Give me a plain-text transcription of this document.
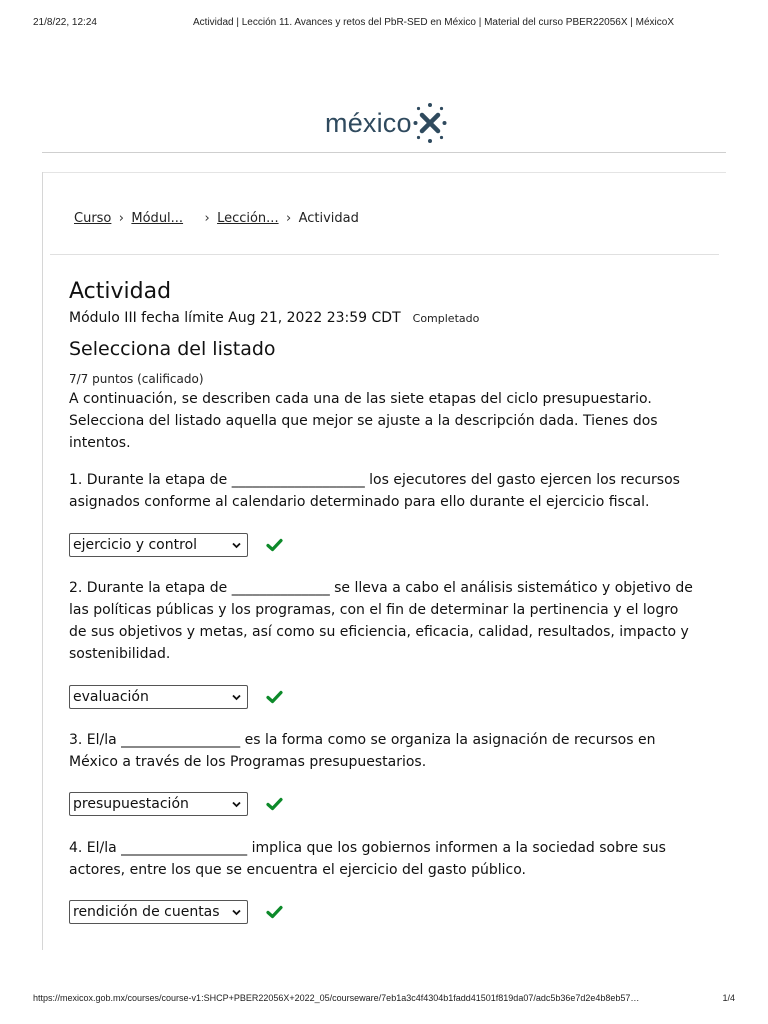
21/8/22, 12:24	Actividad | Lección 11. Avances y retos del PbR-SED en México | Material del curso PBER22056X | MéxicoX
méxico
Curso › Módul...	› Lección... › Actividad
Actividad
Módulo III fecha límite Aug 21, 2022 23:59 CDT Completado
Selecciona del listado
7/7 puntos (calificado)

A continuación, se describen cada una de las siete etapas del ciclo presupuestario. Selecciona del listado aquella que mejor se ajuste a la descripción dada. Tienes dos intentos.

1. Durante la etapa de ___________________ los ejecutores del gasto ejercen los recursos asignados conforme al calendario determinado para ello durante el ejercicio fiscal.

ejercicio y control

2. Durante la etapa de ______________ se lleva a cabo el análisis sistemático y objetivo de las políticas públicas y los programas, con el fin de determinar la pertinencia y el logro de sus objetivos y metas, así como su eficiencia, eficacia, calidad, resultados, impacto y sostenibilidad.

evaluación

3. El/la _________________ es la forma como se organiza la asignación de recursos en México a través de los Programas presupuestarios.

presupuestación

4. El/la __________________ implica que los gobiernos informen a la sociedad sobre sus actores, entre los que se encuentra el ejercicio del gasto público.

rendición de cuentas
https://mexicox.gob.mx/courses/course-v1:SHCP+PBER22056X+2022_05/courseware/7eb1a3c4f4304b1fadd41501f819da07/adc5b36e7d2e4b8eb57…	1/4
